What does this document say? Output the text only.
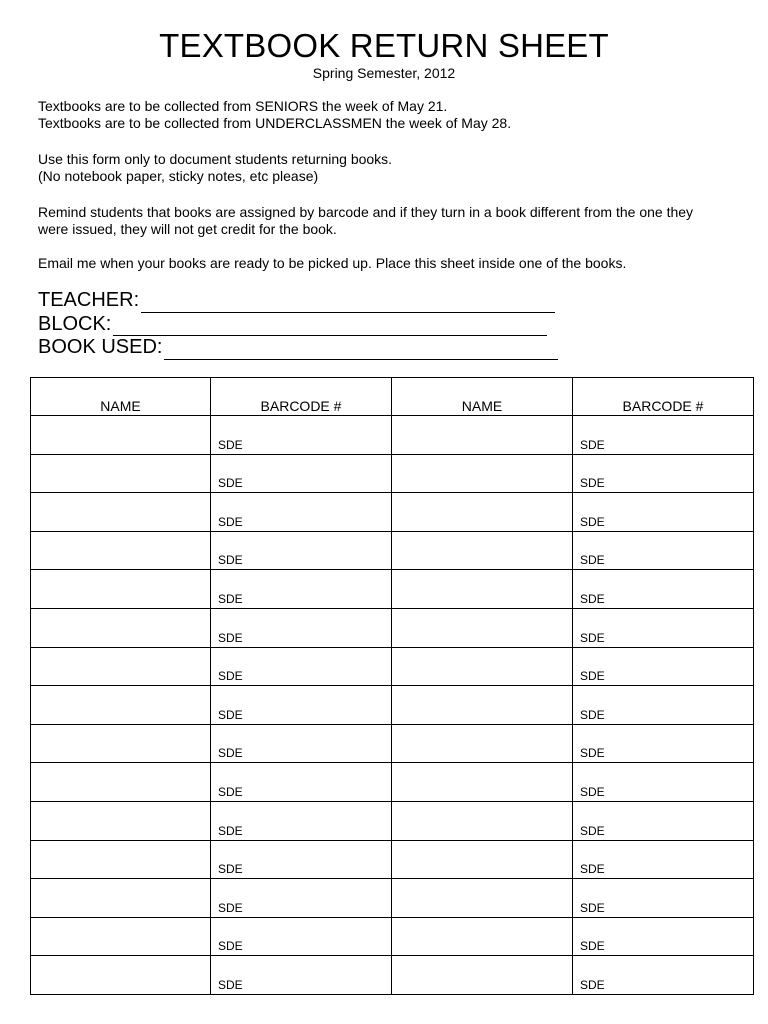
TEXTBOOK RETURN SHEET
Spring Semester, 2012
Textbooks are to be collected from SENIORS the week of May 21.
Textbooks are to be collected from UNDERCLASSMEN the week of May 28.
Use this form only to document students returning books.
(No notebook paper, sticky notes, etc please)
Remind students that books are assigned by barcode and if they turn in a book different from the one they
were issued, they will not get credit for the book.
Email me when your books are ready to be picked up. Place this sheet inside one of the books.
TEACHER:
BLOCK:
BOOK USED:
NAME	BARCODE #	NAME	BARCODE #
	SDE		SDE
	SDE		SDE
	SDE		SDE
	SDE		SDE
	SDE		SDE
	SDE		SDE
	SDE		SDE
	SDE		SDE
	SDE		SDE
	SDE		SDE
	SDE		SDE
	SDE		SDE
	SDE		SDE
	SDE		SDE
	SDE		SDE
